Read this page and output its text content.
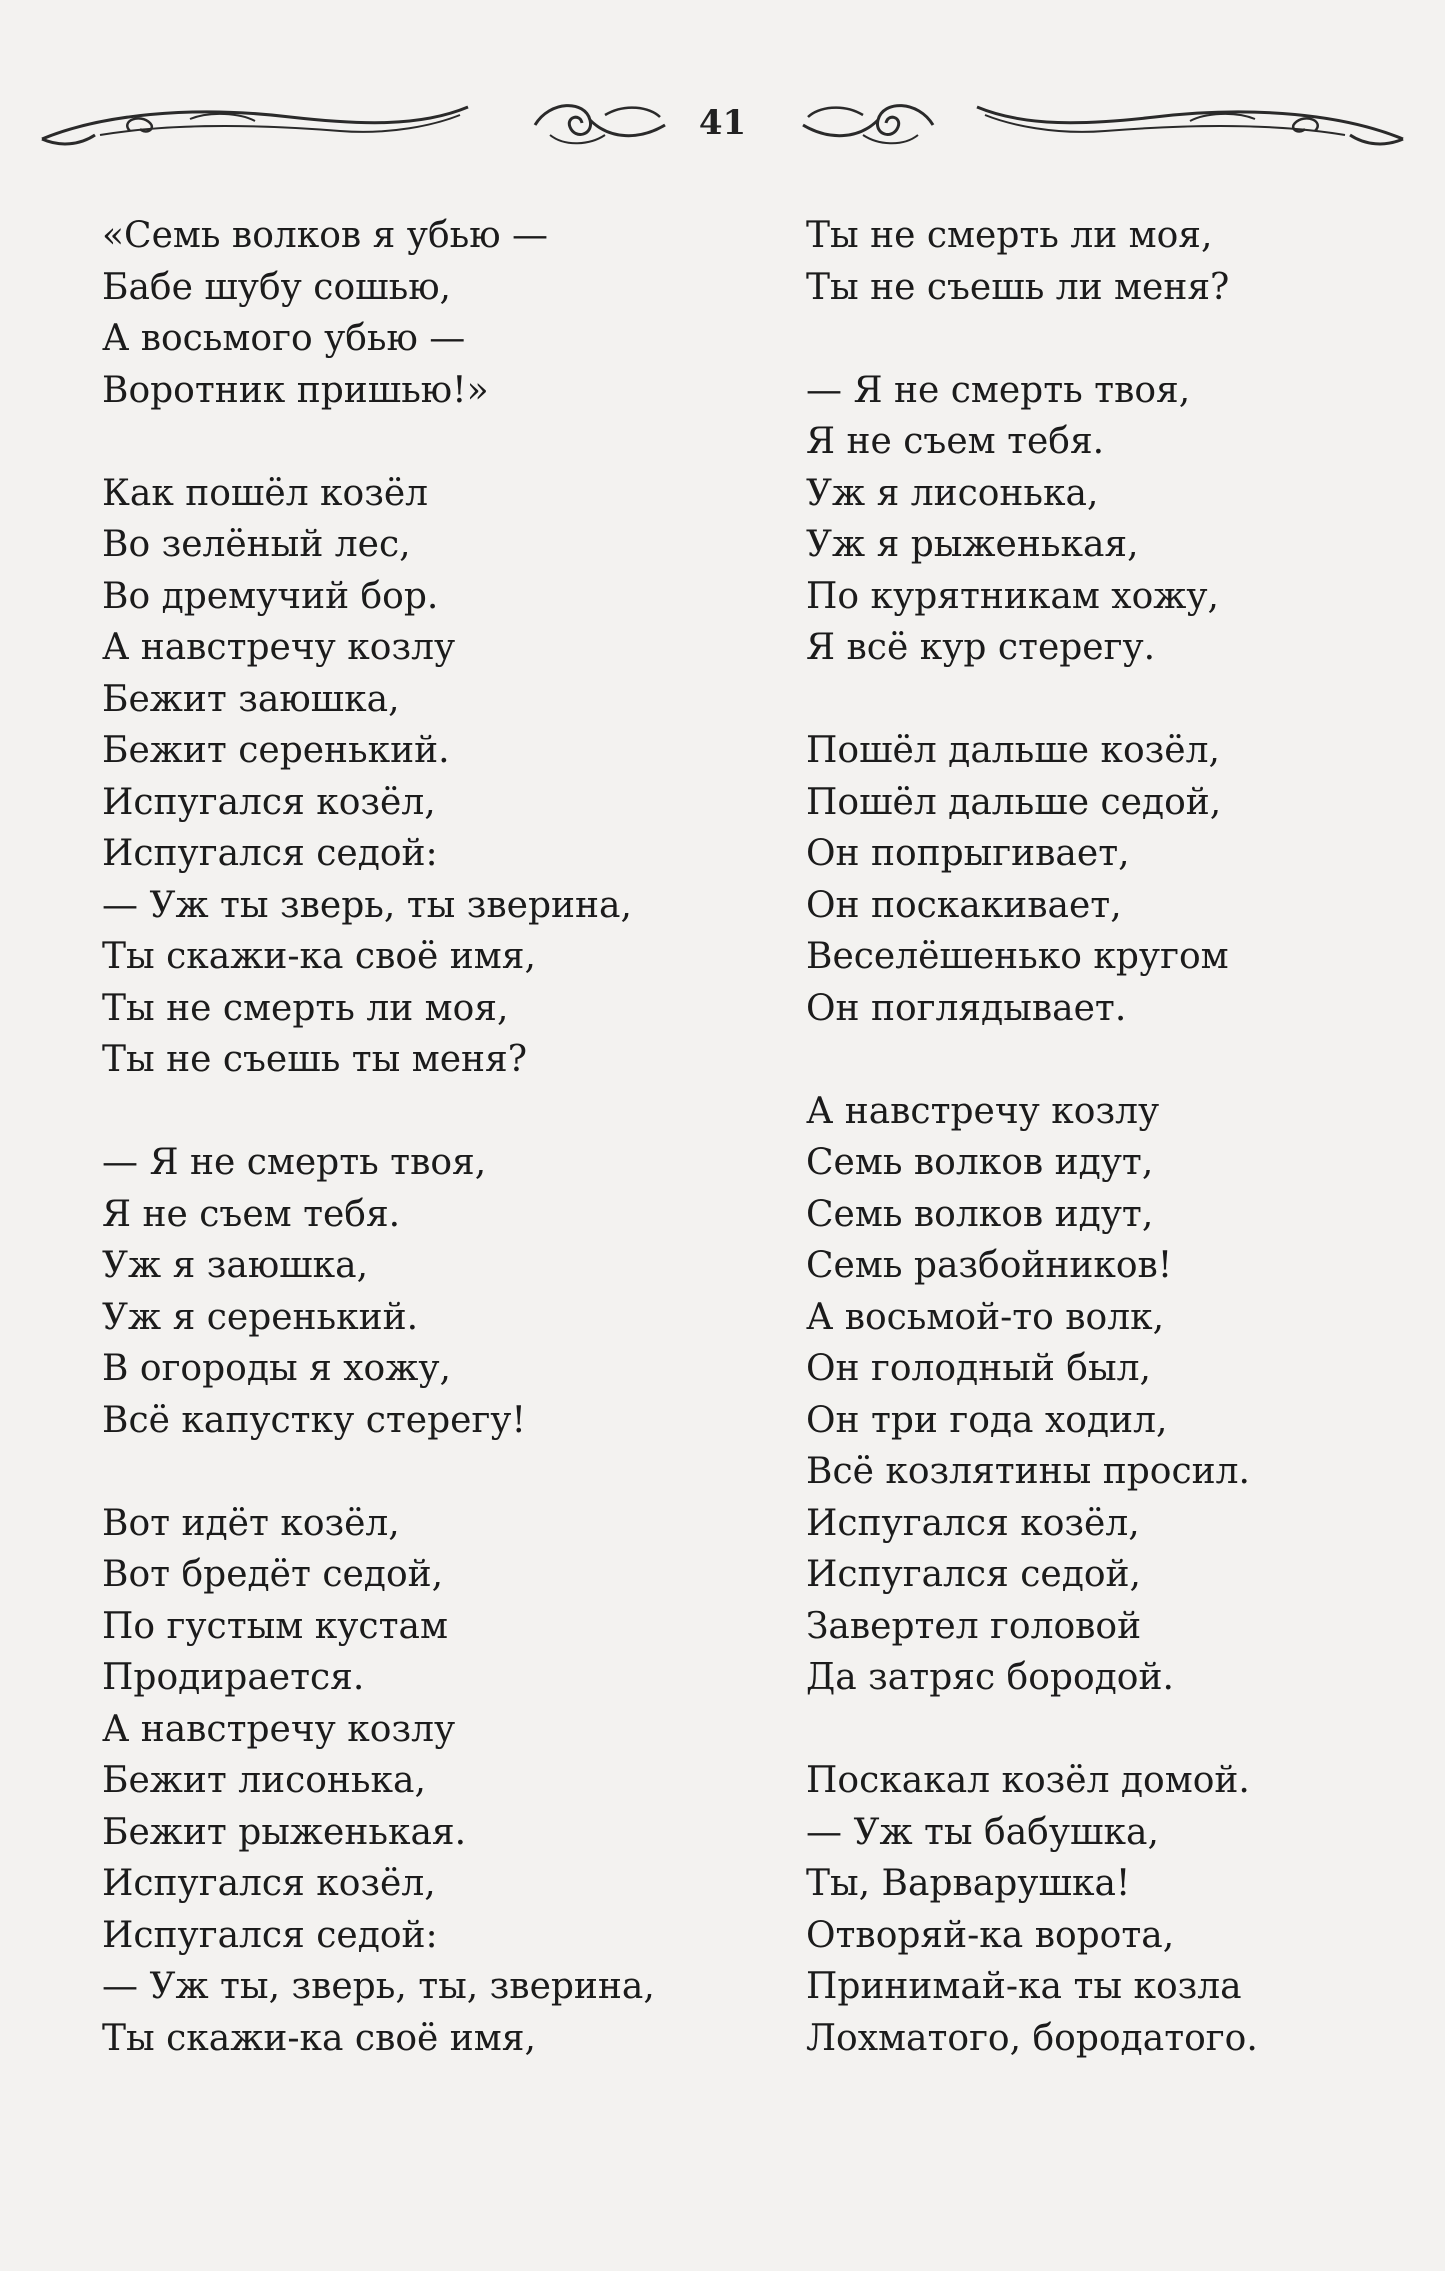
41
«Семь волков я убью —
Бабе шубу сошью,
А восьмого убью —
Воротник пришью!»
Как пошёл козёл
Во зелёный лес,
Во дремучий бор.
А навстречу козлу
Бежит заюшка,
Бежит серенький.
Испугался козёл,
Испугался седой:
— Уж ты зверь, ты зверина,
Ты скажи-ка своё имя,
Ты не смерть ли моя,
Ты не съешь ты меня?
— Я не смерть твоя,
Я не съем тебя.
Уж я заюшка,
Уж я серенький.
В огороды я хожу,
Всё капустку стерегу!
Вот идёт козёл,
Вот бредёт седой,
По густым кустам
Продирается.
А навстречу козлу
Бежит лисонька,
Бежит рыженькая.
Испугался козёл,
Испугался седой:
— Уж ты, зверь, ты, зверина,
Ты скажи-ка своё имя,
Ты не смерть ли моя,
Ты не съешь ли меня?
— Я не смерть твоя,
Я не съем тебя.
Уж я лисонька,
Уж я рыженькая,
По курятникам хожу,
Я всё кур стерегу.
Пошёл дальше козёл,
Пошёл дальше седой,
Он попрыгивает,
Он поскакивает,
Веселёшенько кругом
Он поглядывает.
А навстречу козлу
Семь волков идут,
Семь волков идут,
Семь разбойников!
А восьмой-то волк,
Он голодный был,
Он три года ходил,
Всё козлятины просил.
Испугался козёл,
Испугался седой,
Завертел головой
Да затряс бородой.
Поскакал козёл домой.
— Уж ты бабушка,
Ты, Варварушка!
Отворяй-ка ворота,
Принимай-ка ты козла
Лохматого, бородатого.
